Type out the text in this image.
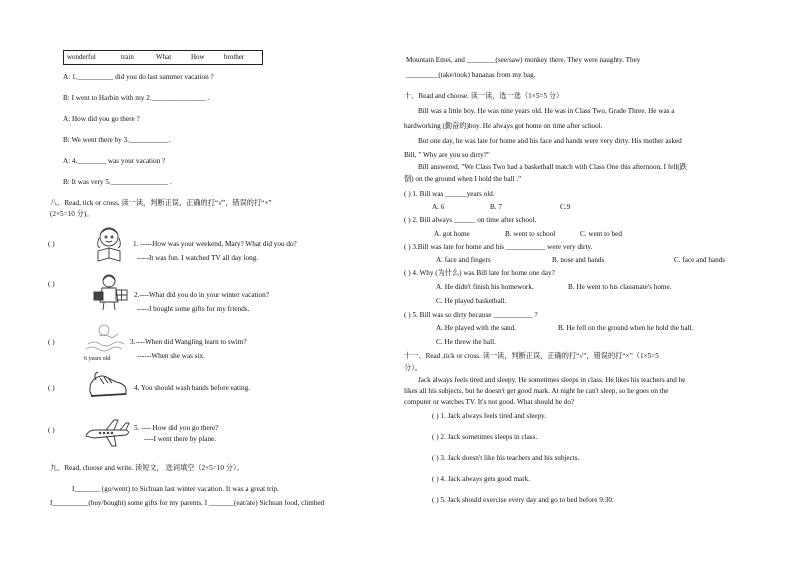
wonderful	train	What	How	brother
A: 1.__________ did you do last summer vacation ?
B: I went to Harbin with my 2._______________ .
A: How did you go there ?
B: We went there by 3.___________.
A: 4.________ was your vacation ?
B: It was very 5.________________ .
八、Read, tick or cross. 读一读，判断正误，正确的打“√”，错误的打“×”
(2×5=10 分)。
( )	1. -----How was your weekend, Mary? What did you do?
-----It was fun. I watched TV all day long.
( )
2.----What did you do in your winter vacation?
-----I bought some gifts for my friends.
( )
6 years old
3.----When did Wangling learn to swim?
------When she was six.
( )	4. You should wash hands before eating.
( )	5. ---- How did you go there?
----I went there by plane.
九、Read, choose and write. 读短文， 选词填空（2×5=10 分）。
I_______ (go/went) to Sichuan last winter vacation. It was a great trip.
I__________(buy/bought) some gifts for my parents. I _______(eat/ate) Sichuan food, climbed
Mountain Emei, and ________(see/saw) monkey there. They were naughty. They
_________(take/took) bananas from my bag.
十、Read and choose. 读一读，选一选（1×5=5 分）
Bill was a little boy. He was nine years old. He was in Class Two, Grade Three. He was a
hardworking (勤奋的)boy. He always got home on time after school.
But one day, he was late for home and his face and hands were very dirty. His mother asked
Bill, " Why are you so dirty?"
Bill answered, "We Class Two had a basketball match with Class One this afternoon, I fell(跌
倒) on the ground when I hold the ball ."
( ) 1. Bill was ______years old.
A. 6	B. 7	C.9
( ) 2. Bill always ______ on time after school.
A. got home	B. went to school	C. went to bed
( ) 3.Bill was late for home and his ___________ were very dirty.
A. face and fingers	B. nose and hands	C. face and hands
( ) 4. Why (为什么) was Bill late for home one day?
A. He didn't finish his homework.	B. He went to his classmate's home.
C. He played basketball.
( ) 5. Bill was so dirty because ___________ ?
A. He played with the sand.	B. He fell on the ground when he hold the ball.
C. He threw the ball.
十一、Read ,tick or cross. 读一读，判断正误，正确的打“√”，错误的打“×”（1×5=5
分）。
Jack always feels tired and sleepy. He sometimes sleeps in class. He likes his teachers and he
likes all his subjects, but he doesn't get good mark. At night he can't sleep, so he goes on the
computer or watches TV. It's not good. What should he do?
( ) 1. Jack always feels tired and sleepy.
( ) 2. Jack sometimes sleeps in class.
( ) 3. Jack doesn't like his teachers and his subjects.
( ) 4. Jack always gets good mark.
( ) 5. Jack should exercise every day and go to bed before 9:30.
